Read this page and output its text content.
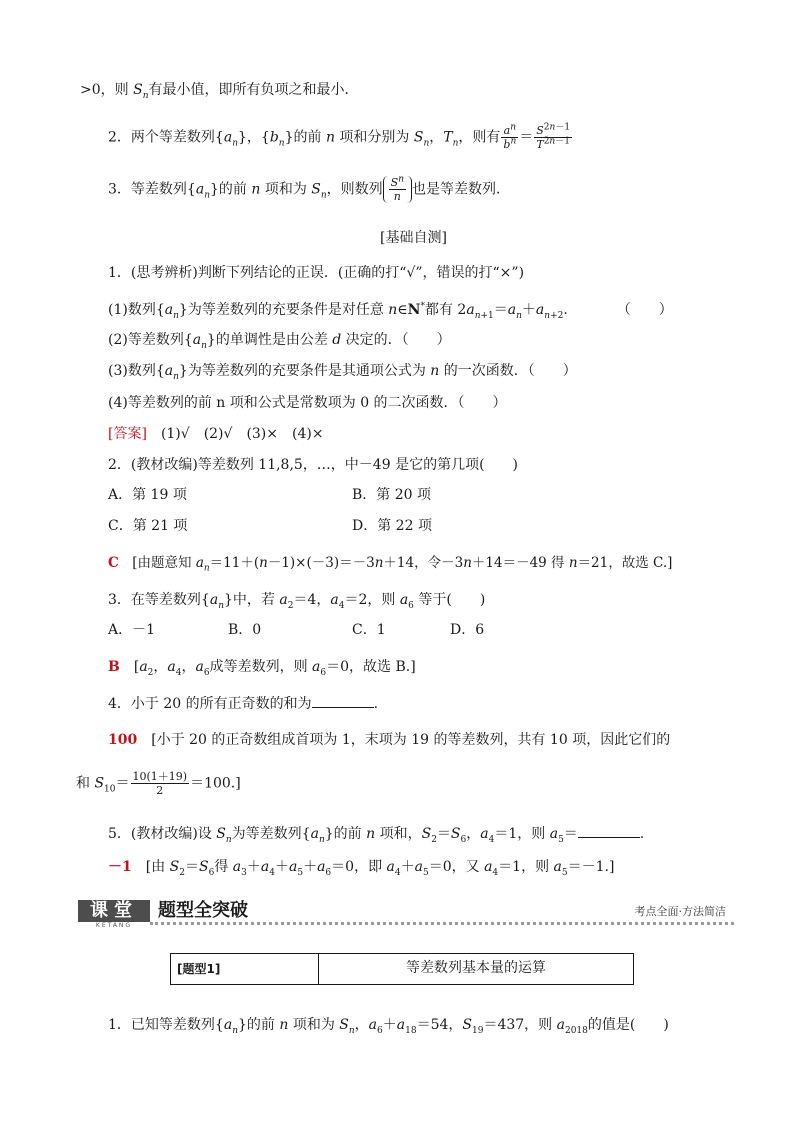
>0，则 $S_n$有最小值，即所有负项之和最小．
2．两个等差数列$\{a_n\}$，$\{b_n\}$的前 n 项和分别为 $S_n$，$T_n$，则有 $\frac{a^n}{b^n} = \frac{S^{2n-1}}{T^{2n-1}}$
3．等差数列$\{a_n\}$的前 n 项和为 $S_n$，则数列 $\frac{S^n}{n}$ 也是等差数列．
[基础自测]
1．(思考辨析)判断下列结论的正误．(正确的打“√”，错误的打“×”)
(1)数列$\{a_n\}$为等差数列的充要条件是对任意 n∈N*都有 $2a_{n+1}=a_n+a_{n+2}$.　　　　（　　）
(2)等差数列$\{a_n\}$的单调性是由公差 d 决定的．（　　）
(3)数列$\{a_n\}$为等差数列的充要条件是其通项公式为 n 的一次函数．（　　）
(4)等差数列的前 n 项和公式是常数项为 0 的二次函数．（　　）
[答案]　 (1)√　(2)√　(3)×　(4)×
2．(教材改编)等差数列 11,8,5，…，中－49 是它的第几项(　　)
A．第 19 项	B．第 20 项
C．第 21 项	D．第 22 项
C　[由题意知 $a_n=11+(n-1)\times(-3)=-3n+14$，令－3n＋14＝－49 得 n＝21，故选 C.]
3．在等差数列$\{a_n\}$中，若 $a_2=4$，$a_4=2$，则 $a_6$ 等于(　　)
A．－1	B．0	C．1	D．6
B　[$a_2$，$a_4$，$a_6$成等差数列，则 $a_6=0$，故选 B.]
4．小于 20 的所有正奇数的和为	.
100　 [小于 20 的正奇数组成首项为 1，末项为 19 的等差数列，共有 10 项，因此它们的
和 $S_{10}= \frac{10(1+19)}{2} =100$.]
5．(教材改编)设 $S_n$为等差数列$\{a_n\}$的前 n 项和，$S_2=S_6$，$a_4=1$，则 $a_5=$	.
－1　[由 $S_2=S_6$得 $a_3+a_4+a_5+a_6=0$，即 $a_4+a_5=0$，又 $a_4=1$，则 $a_5=-1$.]
课堂
KETANG
题型全突破	考点全面·方法简洁
[题型1]	等差数列基本量的运算
1．已知等差数列$\{a_n\}$的前 n 项和为 $S_n$，$a_6+a_{18}=54$，$S_{19}=437$，则 $a_{2018}$的值是(　　)
